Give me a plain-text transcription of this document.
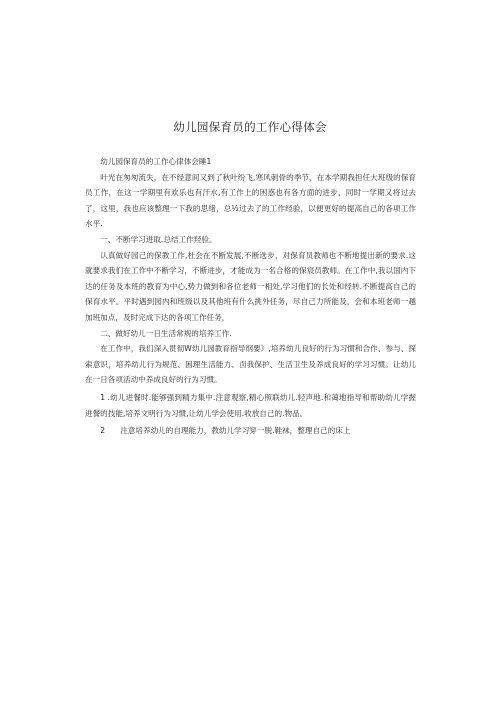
幼儿园保育员的工作心得体会

幼儿园保育员的工作心律体会睡1

叶光在匆匆流失，在不经意间又到了秋叶纷飞,寒风刺骨的季节，在本学期我担任大班级的保育员工作，在这一学期里有欢乐也有汗水,有工作上的困惑也有各方面的进步，同时一学期又将过去了，这里，我也应该整理一下我的思绪，总½过去了的工作经验，以便更好的提高自己的各项工作水平.

一、不断学习进取.总结工作羟验。

认真做好园己的保教工作,杜会在不断发展,不断选步，对保育员教师也不断地提出新的要求.这就要求我们在工作中不断学习，不断进步，才能成为一名合格的保宸员教师。在工作中,我以国内下达的任务及本班的教育为中心,势力做到和各位老师一相处,学习他们的长处和经转.不断提高自己的保育水平。平时遇到园内和班级以及其他班有什么挑外任务，尽自己力所能及，会和本班老师一越加班加点，及时完成下达的各项工作任务，

二、做好幼儿一日生活常规的培养工作.

在工作中，我们深入贯彻W幼儿园教育指导纲要》,培养幼儿良好的行为习惯和合作、参与、探索意识，培养幼儿行为规范、困理生活能力、卤我保护、生活卫生及养成良好的学习习惯。让幼儿在一日各项活动中养成良好的行为习惯。

1 .幼儿进餐时.能够强到精力集中.注意观察,精心照联幼儿.轻声地.和蔼地指导和帮助幼儿学握进餐的技能,培养文明行为习惯,让幼儿学会使用.收放自己的.物品。

2　　注意培养幼儿的自理能力，教幼儿学习穿一脱.鞋袜，整理自己的床上
